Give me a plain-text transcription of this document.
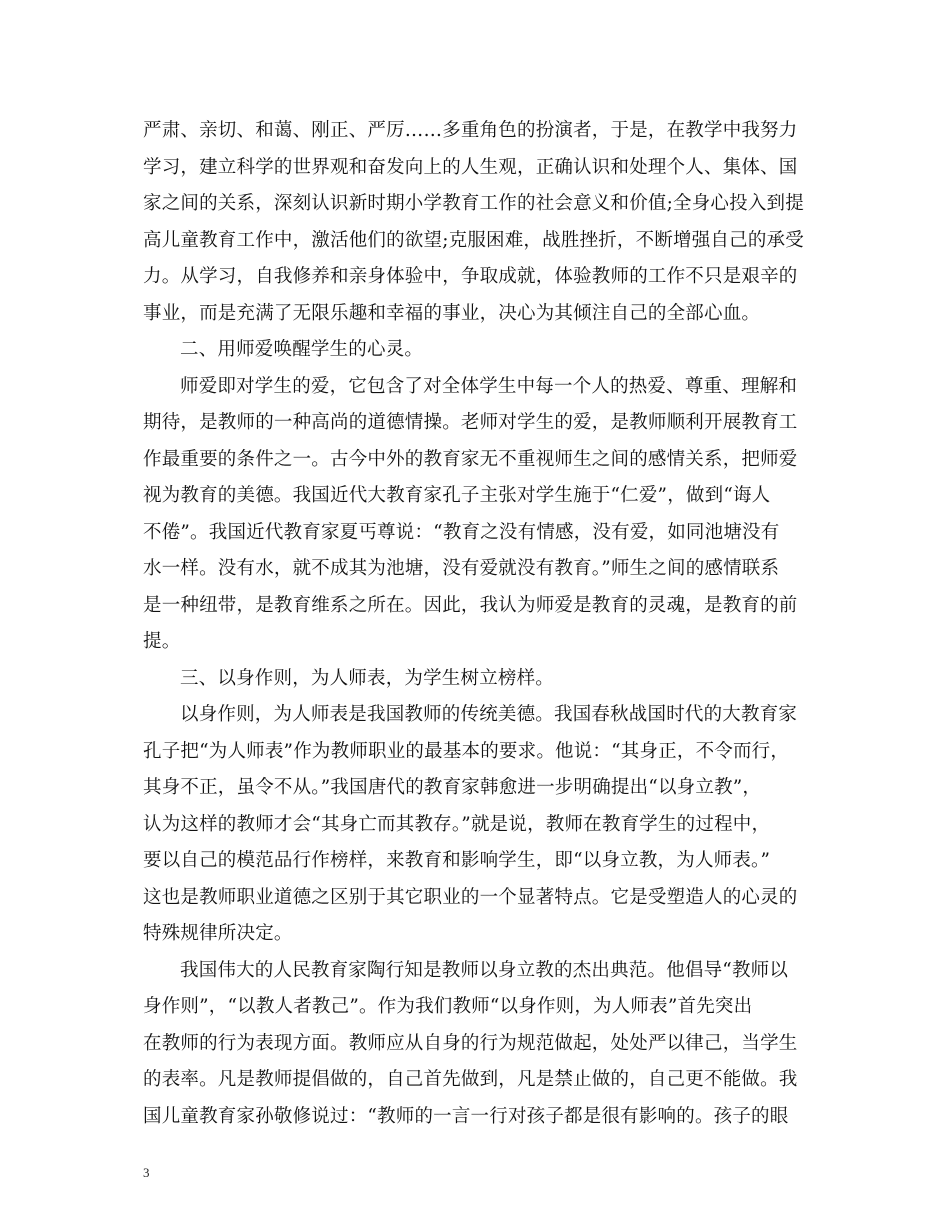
严肃、亲切、和蔼、刚正、严厉……多重角色的扮演者，于是，在教学中我努力
学习，建立科学的世界观和奋发向上的人生观，正确认识和处理个人、集体、国
家之间的关系，深刻认识新时期小学教育工作的社会意义和价值;全身心投入到提
高儿童教育工作中，激活他们的欲望;克服困难，战胜挫折，不断增强自己的承受
力。从学习，自我修养和亲身体验中，争取成就，体验教师的工作不只是艰辛的
事业，而是充满了无限乐趣和幸福的事业，决心为其倾注自己的全部心血。
二、用师爱唤醒学生的心灵。
师爱即对学生的爱，它包含了对全体学生中每一个人的热爱、尊重、理解和
期待，是教师的一种高尚的道德情操。老师对学生的爱，是教师顺利开展教育工
作最重要的条件之一。古今中外的教育家无不重视师生之间的感情关系，把师爱
视为教育的美德。我国近代大教育家孔子主张对学生施于“仁爱”，做到“诲人
不倦”。我国近代教育家夏丐尊说：“教育之没有情感，没有爱，如同池塘没有
水一样。没有水，就不成其为池塘，没有爱就没有教育。”师生之间的感情联系
是一种纽带，是教育维系之所在。因此，我认为师爱是教育的灵魂，是教育的前
提。
三、以身作则，为人师表，为学生树立榜样。
以身作则，为人师表是我国教师的传统美德。我国春秋战国时代的大教育家
孔子把“为人师表”作为教师职业的最基本的要求。他说：“其身正，不令而行，
其身不正，虽令不从。”我国唐代的教育家韩愈进一步明确提出“以身立教”，
认为这样的教师才会“其身亡而其教存。”就是说，教师在教育学生的过程中，
要以自己的模范品行作榜样，来教育和影响学生，即“以身立教，为人师表。”
这也是教师职业道德之区别于其它职业的一个显著特点。它是受塑造人的心灵的
特殊规律所决定。
我国伟大的人民教育家陶行知是教师以身立教的杰出典范。他倡导“教师以
身作则”，“以教人者教己”。作为我们教师“以身作则，为人师表”首先突出
在教师的行为表现方面。教师应从自身的行为规范做起，处处严以律己，当学生
的表率。凡是教师提倡做的，自己首先做到，凡是禁止做的，自己更不能做。我
国儿童教育家孙敬修说过：“教师的一言一行对孩子都是很有影响的。孩子的眼
3
